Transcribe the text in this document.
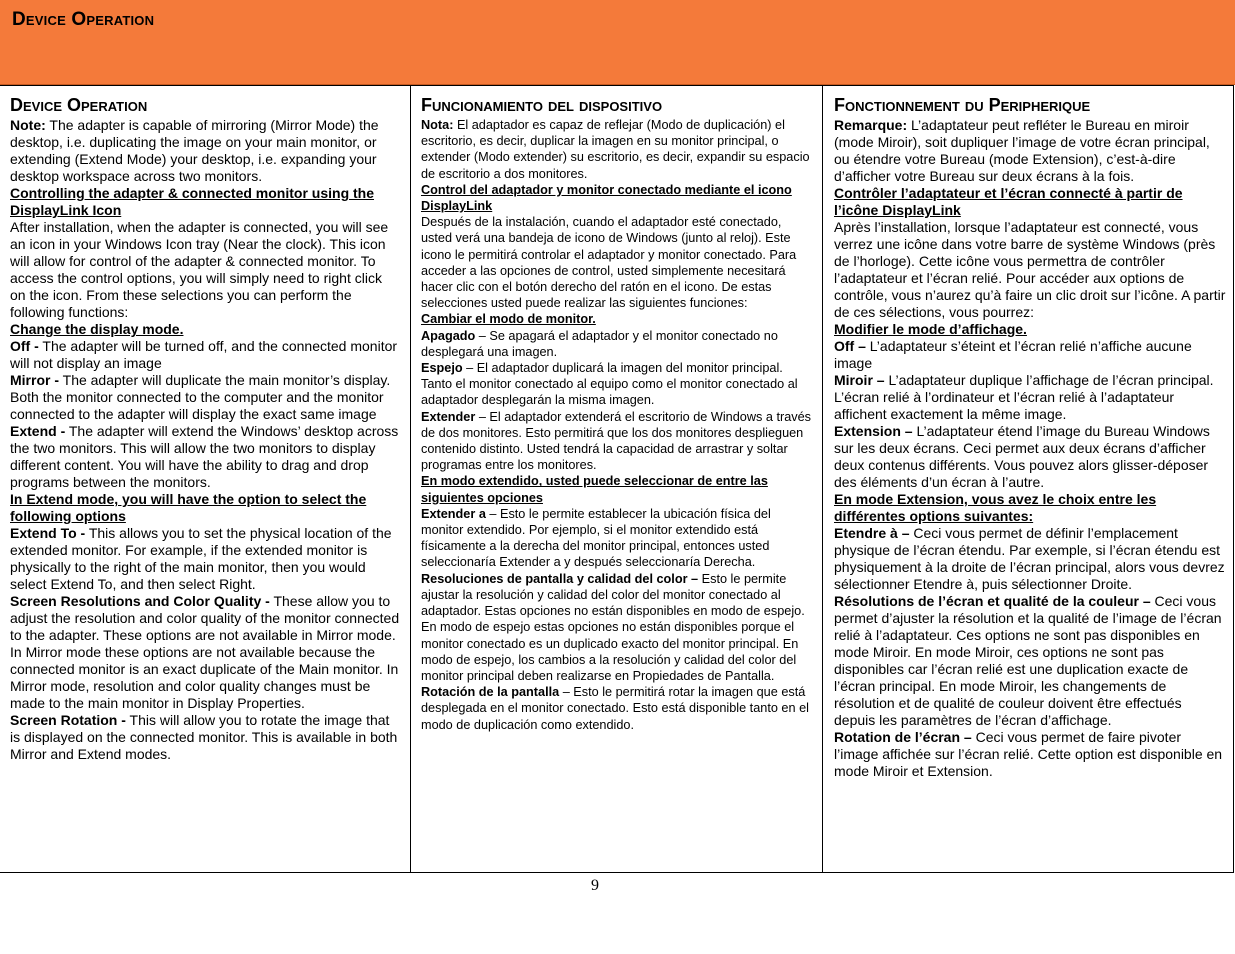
Device Operation
Device Operation

Note: The adapter is capable of mirroring (Mirror Mode) the desktop, i.e. duplicating the image on your main monitor, or extending (Extend Mode) your desktop, i.e. expanding your desktop workspace across two monitors.

Controlling the adapter & connected monitor using the DisplayLink Icon

After installation, when the adapter is connected, you will see an icon in your Windows Icon tray (Near the clock). This icon will allow for control of the adapter & connected monitor. To access the control options, you will simply need to right click on the icon. From these selections you can perform the following functions:

Change the display mode.

Off - The adapter will be turned off, and the connected monitor will not display an image

Mirror - The adapter will duplicate the main monitor’s display. Both the monitor connected to the computer and the monitor connected to the adapter will display the exact same image

Extend - The adapter will extend the Windows’ desktop across the two monitors. This will allow the two monitors to display different content. You will have the ability to drag and drop programs between the monitors.

In Extend mode, you will have the option to select the following options

Extend To - This allows you to set the physical location of the extended monitor. For example, if the extended monitor is physically to the right of the main monitor, then you would select Extend To, and then select Right.

Screen Resolutions and Color Quality - These allow you to adjust the resolution and color quality of the monitor connected to the adapter. These options are not available in Mirror mode. In Mirror mode these options are not available because the connected monitor is an exact duplicate of the Main monitor. In Mirror mode, resolution and color quality changes must be made to the main monitor in Display Properties.

Screen Rotation - This will allow you to rotate the image that is displayed on the connected monitor. This is available in both Mirror and Extend modes.

Funcionamiento del dispositivo

Nota: El adaptador es capaz de reflejar (Modo de duplicación) el escritorio, es decir, duplicar la imagen en su monitor principal, o extender (Modo extender) su escritorio, es decir, expandir su espacio de escritorio a dos monitores.

Control del adaptador y monitor conectado mediante el icono DisplayLink

Después de la instalación, cuando el adaptador esté conectado, usted verá una bandeja de icono de Windows (junto al reloj). Este icono le permitirá controlar el adaptador y monitor conectado. Para acceder a las opciones de control, usted simplemente necesitará hacer clic con el botón derecho del ratón en el icono. De estas selecciones usted puede realizar las siguientes funciones:

Cambiar el modo de monitor.

Apagado – Se apagará el adaptador y el monitor conectado no desplegará una imagen.

Espejo – El adaptador duplicará la imagen del monitor principal. Tanto el monitor conectado al equipo como el monitor conectado al adaptador desplegarán la misma imagen.

Extender – El adaptador extenderá el escritorio de Windows a través de dos monitores. Esto permitirá que los dos monitores desplieguen contenido distinto. Usted tendrá la capacidad de arrastrar y soltar programas entre los monitores.

En modo extendido, usted puede seleccionar de entre las siguientes opciones

Extender a – Esto le permite establecer la ubicación física del monitor extendido. Por ejemplo, si el monitor extendido está físicamente a la derecha del monitor principal, entonces usted seleccionaría Extender a y después seleccionaría Derecha.

Resoluciones de pantalla y calidad del color – Esto le permite ajustar la resolución y calidad del color del monitor conectado al adaptador. Estas opciones no están disponibles en modo de espejo. En modo de espejo estas opciones no están disponibles porque el monitor conectado es un duplicado exacto del monitor principal. En modo de espejo, los cambios a la resolución y calidad del color del monitor principal deben realizarse en Propiedades de Pantalla.

Rotación de la pantalla – Esto le permitirá rotar la imagen que está desplegada en el monitor conectado. Esto está disponible tanto en el modo de duplicación como extendido.

Fonctionnement du Peripherique

Remarque: L’adaptateur peut refléter le Bureau en miroir (mode Miroir), soit dupliquer l’image de votre écran principal, ou étendre votre Bureau (mode Extension), c’est-à-dire d’afficher votre Bureau sur deux écrans à la fois.

Contrôler l’adaptateur et l’écran connecté à partir de l’icône DisplayLink

Après l’installation, lorsque l’adaptateur est connecté, vous verrez une icône dans votre barre de système Windows (près de l’horloge). Cette icône vous permettra de contrôler l’adaptateur et l’écran relié. Pour accéder aux options de contrôle, vous n’aurez qu’à faire un clic droit sur l’icône. A partir de ces sélections, vous pourrez:

Modifier le mode d’affichage.

Off – L’adaptateur s’éteint et l’écran relié n’affiche aucune image

Miroir – L’adaptateur duplique l’affichage de l’écran principal. L’écran relié à l’ordinateur et l’écran relié à l’adaptateur affichent exactement la même image.

Extension – L’adaptateur étend l’image du Bureau Windows sur les deux écrans. Ceci permet aux deux écrans d’afficher deux contenus différents. Vous pouvez alors glisser-déposer des éléments d’un écran à l’autre.

En mode Extension, vous avez le choix entre les différentes options suivantes:

Etendre à – Ceci vous permet de définir l’emplacement physique de l’écran étendu. Par exemple, si l’écran étendu est physiquement à la droite de l’écran principal, alors vous devrez sélectionner Etendre à, puis sélectionner Droite.

Résolutions de l’écran et qualité de la couleur – Ceci vous permet d’ajuster la résolution et la qualité de l’image de l’écran relié à l’adaptateur. Ces options ne sont pas disponibles en mode Miroir. En mode Miroir, ces options ne sont pas disponibles car l’écran relié est une duplication exacte de l’écran principal. En mode Miroir, les changements de résolution et de qualité de couleur doivent être effectués depuis les paramètres de l’écran d’affichage.

Rotation de l’écran – Ceci vous permet de faire pivoter l’image affichée sur l’écran relié. Cette option est disponible en mode Miroir et Extension.

9
